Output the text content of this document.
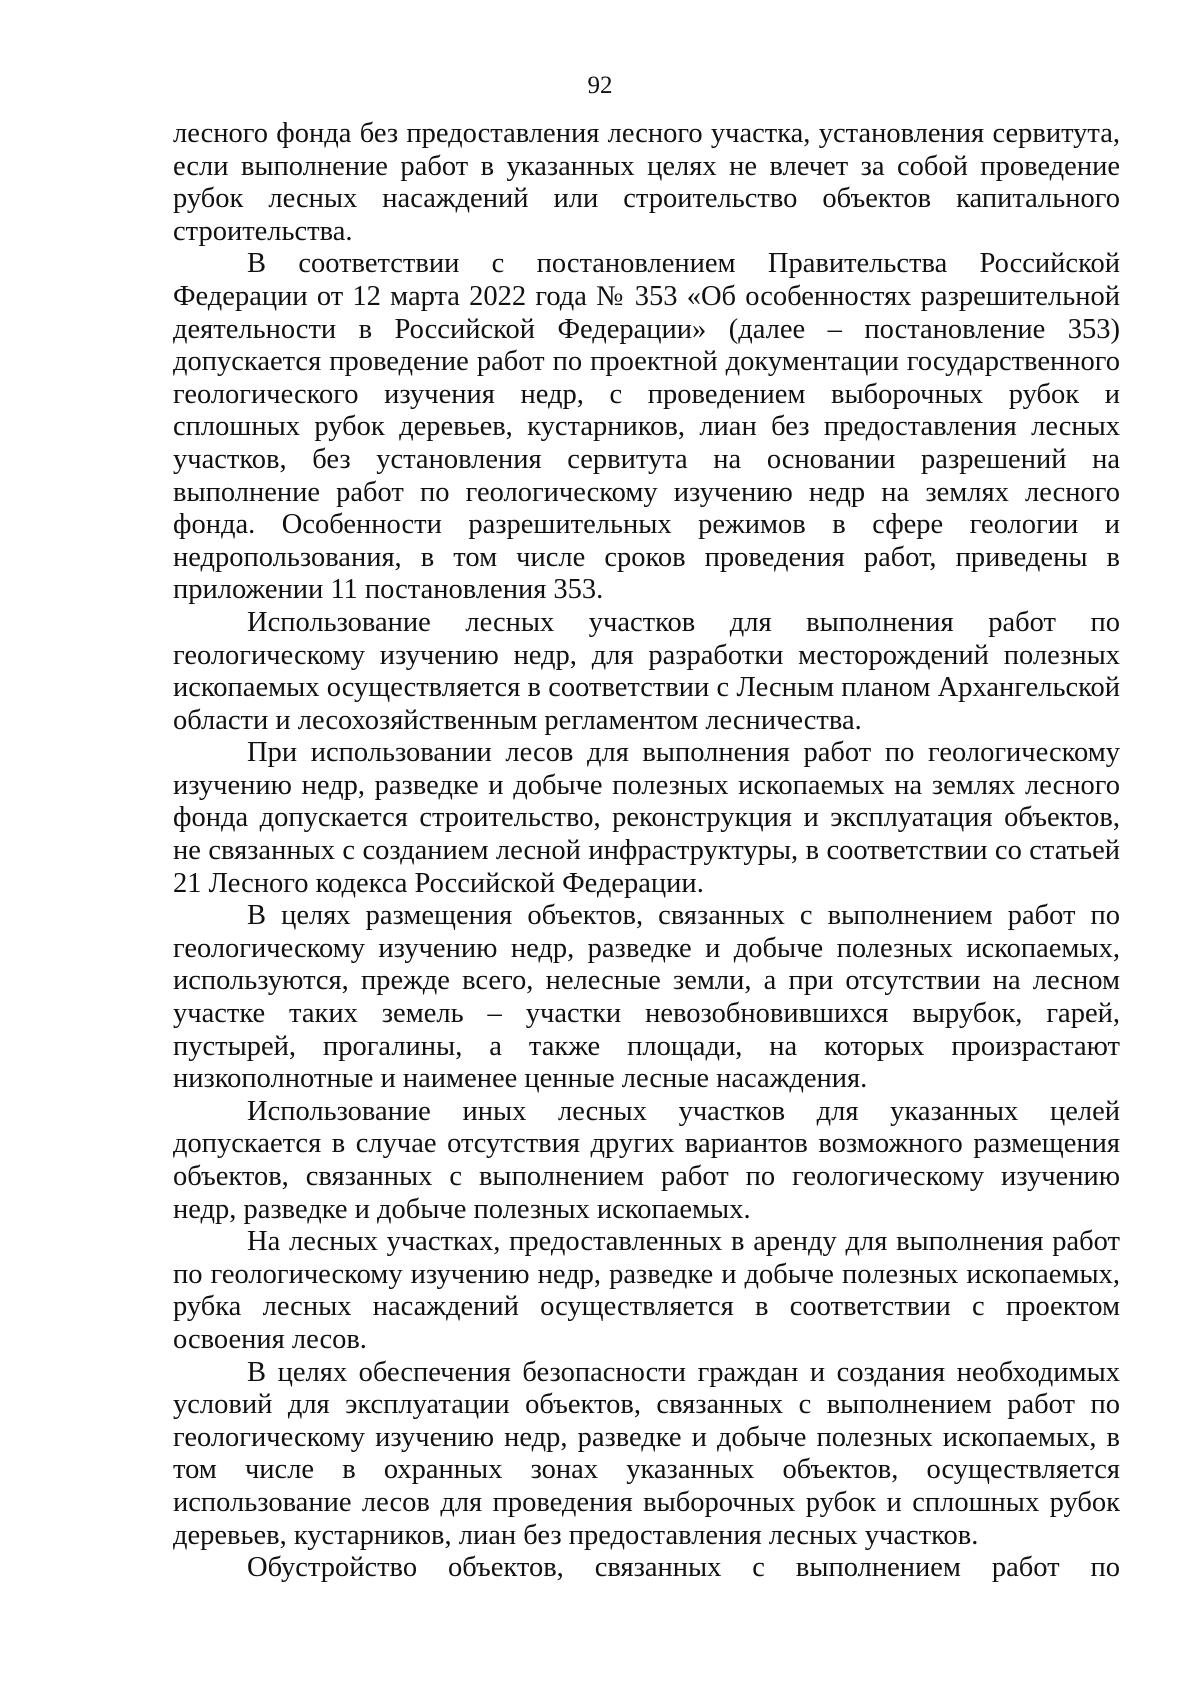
92

лесного фонда без предоставления лесного участка, установления сервитута, если выполнение работ в указанных целях не влечет за собой проведение рубок лесных насаждений или строительство объектов капитального строительства.

В соответствии с постановлением Правительства Российской Федерации от 12 марта 2022 года № 353 «Об особенностях разрешительной деятельности в Российской Федерации» (далее – постановление 353) допускается проведение работ по проектной документации государственного геологического изучения недр, с проведением выборочных рубок и сплошных рубок деревьев, кустарников, лиан без предоставления лесных участков, без установления сервитута на основании разрешений на выполнение работ по геологическому изучению недр на землях лесного фонда. Особенности разрешительных режимов в сфере геологии и недропользования, в том числе сроков проведения работ, приведены в приложении 11 постановления 353.

Использование лесных участков для выполнения работ по геологическому изучению недр, для разработки месторождений полезных ископаемых осуществляется в соответствии с Лесным планом Архангельской области и лесохозяйственным регламентом лесничества.

При использовании лесов для выполнения работ по геологическому изучению недр, разведке и добыче полезных ископаемых на землях лесного фонда допускается строительство, реконструкция и эксплуатация объектов, не связанных с созданием лесной инфраструктуры, в соответствии со статьей 21 Лесного кодекса Российской Федерации.

В целях размещения объектов, связанных с выполнением работ по геологическому изучению недр, разведке и добыче полезных ископаемых, используются, прежде всего, нелесные земли, а при отсутствии на лесном участке таких земель – участки невозобновившихся вырубок, гарей, пустырей, прогалины, а также площади, на которых произрастают низкополнотные и наименее ценные лесные насаждения.

Использование иных лесных участков для указанных целей допускается в случае отсутствия других вариантов возможного размещения объектов, связанных с выполнением работ по геологическому изучению недр, разведке и добыче полезных ископаемых.

На лесных участках, предоставленных в аренду для выполнения работ по геологическому изучению недр, разведке и добыче полезных ископаемых, рубка лесных насаждений осуществляется в соответствии с проектом освоения лесов.

В целях обеспечения безопасности граждан и создания необходимых условий для эксплуатации объектов, связанных с выполнением работ по геологическому изучению недр, разведке и добыче полезных ископаемых, в том числе в охранных зонах указанных объектов, осуществляется использование лесов для проведения выборочных рубок и сплошных рубок деревьев, кустарников, лиан без предоставления лесных участков.

Обустройство объектов, связанных с выполнением работ по
